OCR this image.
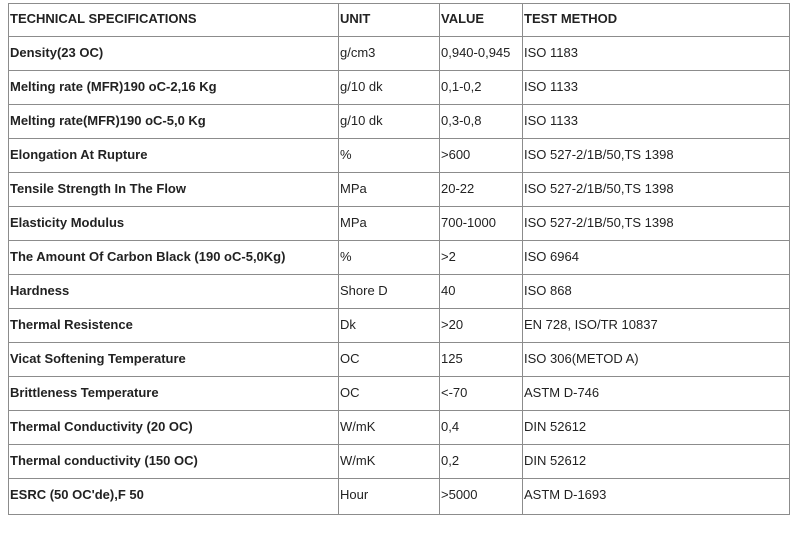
TECHNICAL SPECIFICATIONS	UNIT	VALUE	TEST METHOD
Density(23 OC)	g/cm3	0,940-0,945	ISO 1183
Melting rate (MFR)190 oC-2,16 Kg	g/10 dk	0,1-0,2	ISO 1133
Melting rate(MFR)190 oC-5,0 Kg	g/10 dk	0,3-0,8	ISO 1133
Elongation At Rupture	%	>600	ISO 527-2/1B/50,TS 1398
Tensile Strength In The Flow	MPa	20-22	ISO 527-2/1B/50,TS 1398
Elasticity Modulus	MPa	700-1000	ISO 527-2/1B/50,TS 1398
The Amount Of Carbon Black (190 oC-5,0Kg)	%	>2	ISO 6964
Hardness	Shore D	40	ISO 868
Thermal Resistence	Dk	>20	EN 728, ISO/TR 10837
Vicat Softening Temperature	OC	125	ISO 306(METOD A)
Brittleness Temperature	OC	<-70	ASTM D-746
Thermal Conductivity (20 OC)	W/mK	0,4	DIN 52612
Thermal conductivity (150 OC)	W/mK	0,2	DIN 52612
ESRC (50 OC'de),F 50	Hour	>5000	ASTM D-1693
